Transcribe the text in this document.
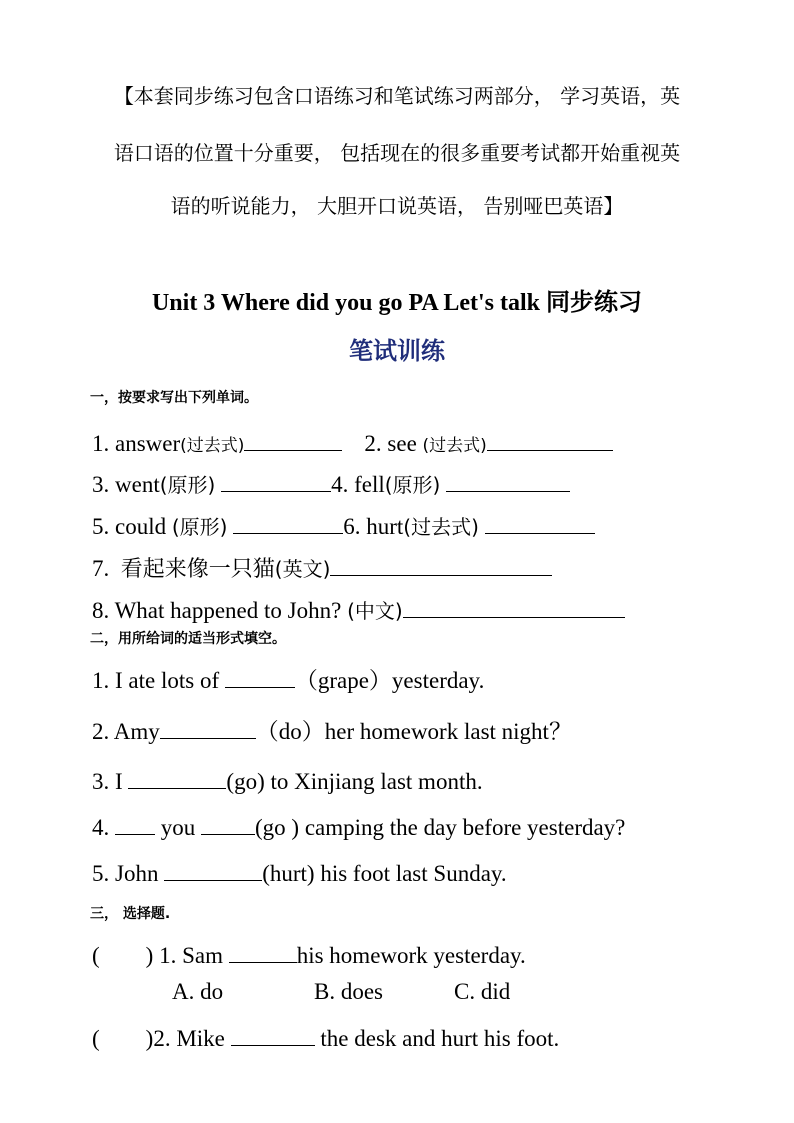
【本套同步练习包含口语练习和笔试练习两部分， 学习英语，英
语口语的位置十分重要， 包括现在的很多重要考试都开始重视英
语的听说能力， 大胆开口说英语， 告别哑巴英语】
Unit 3 Where did you go PA Let's talk 同步练习
笔试训练
一，按要求写出下列单词。
1. answer(过去式)	2. see (过去式)
3. went(原形)	4. fell(原形)
5. could (原形)	6. hurt(过去式)
7. 看起来像一只猫(英文)
8. What happened to John? (中文)
二，用所给词的适当形式填空。
1. I ate lots of	（grape）yesterday.
2. Amy	（do）her homework last night？
3. I	(go) to Xinjiang last month.
4.  you (go ) camping the day before yesterday?
5. John	(hurt) his foot last Sunday.
三， 选择题.
(        ) 1. Sam	his homework yesterday.
A. do	B. does	C. did
(        )2. Mike	the desk and hurt his foot.
